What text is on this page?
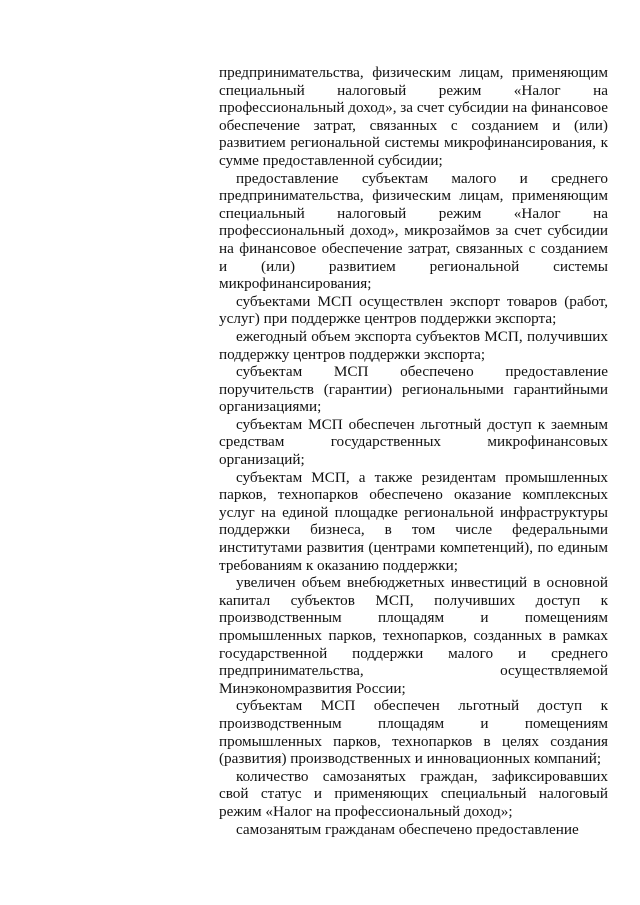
предпринимательства, физическим лицам, применяющим специальный налоговый режим «Налог на профессиональный доход», за счет субсидии на финансовое обеспечение затрат, связанных с созданием и (или) развитием региональной системы микрофинансирования, к сумме предоставленной субсидии;

предоставление субъектам малого и среднего предпринимательства, физическим лицам, применяющим специальный налоговый режим «Налог на профессиональный доход», микрозаймов за счет субсидии на финансовое обеспечение затрат, связанных с созданием и (или) развитием региональной системы микрофинансирования;

субъектами МСП осуществлен экспорт товаров (работ, услуг) при поддержке центров поддержки экспорта;

ежегодный объем экспорта субъектов МСП, получивших поддержку центров поддержки экспорта;

субъектам МСП обеспечено предоставление поручительств (гарантии) региональными гарантийными организациями;

субъектам МСП обеспечен льготный доступ к заемным средствам государственных микрофинансовых организаций;

субъектам МСП, а также резидентам промышленных парков, технопарков обеспечено оказание комплексных услуг на единой площадке региональной инфраструктуры поддержки бизнеса, в том числе федеральными институтами развития (центрами компетенций), по единым требованиям к оказанию поддержки;

увеличен объем внебюджетных инвестиций в основной капитал субъектов МСП, получивших доступ к производственным площадям и помещениям промышленных парков, технопарков, созданных в рамках государственной поддержки малого и среднего предпринимательства, осуществляемой Минэкономразвития России;

субъектам МСП обеспечен льготный доступ к производственным площадям и помещениям промышленных парков, технопарков в целях создания (развития) производственных и инновационных компаний;

количество самозанятых граждан, зафиксировавших свой статус и применяющих специальный налоговый режим «Налог на профессиональный доход»;

самозанятым гражданам обеспечено предоставление
